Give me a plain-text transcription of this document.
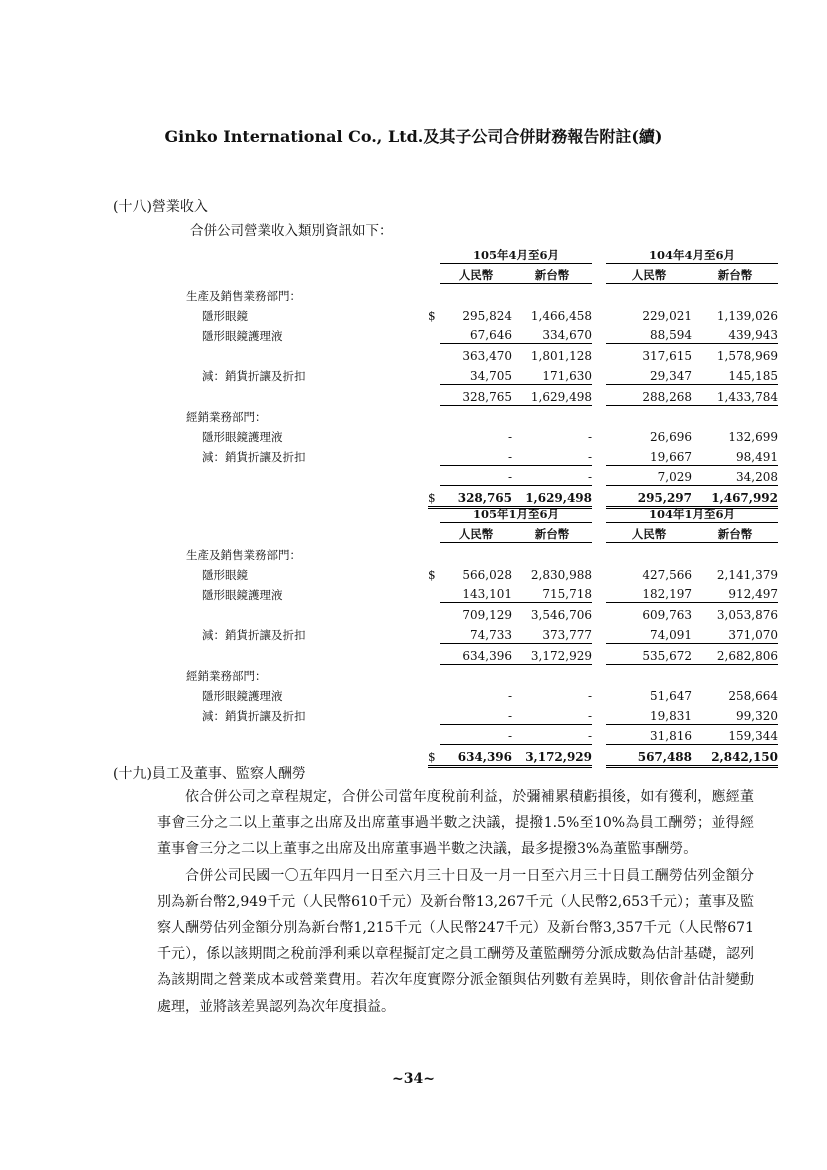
Ginko International Co., Ltd.及其子公司合併財務報告附註(續)
(十八)營業收入
合併公司營業收入類別資訊如下：
		105年4月至6月			104年4月至6月	
		人民幣	新台幣		人民幣	新台幣
生產及銷售業務部門：						
隱形眼鏡	$	295,824	1,466,458		229,021	1,139,026
隱形眼鏡護理液		67,646	334,670		88,594	439,943
		363,470	1,801,128		317,615	1,578,969
減：銷貨折讓及折扣		34,705	171,630		29,347	145,185
		328,765	1,629,498		288,268	1,433,784
經銷業務部門：						
隱形眼鏡護理液		-	-		26,696	132,699
減：銷貨折讓及折扣		-	-		19,667	98,491
		-	-		7,029	34,208
	$	328,765	1,629,498		295,297	1,467,992
		105年1月至6月			104年1月至6月	
		人民幣	新台幣		人民幣	新台幣
生產及銷售業務部門：						
隱形眼鏡	$	566,028	2,830,988		427,566	2,141,379
隱形眼鏡護理液		143,101	715,718		182,197	912,497
		709,129	3,546,706		609,763	3,053,876
減：銷貨折讓及折扣		74,733	373,777		74,091	371,070
		634,396	3,172,929		535,672	2,682,806
經銷業務部門：						
隱形眼鏡護理液		-	-		51,647	258,664
減：銷貨折讓及折扣		-	-		19,831	99,320
		-	-		31,816	159,344
	$	634,396	3,172,929		567,488	2,842,150
(十九)員工及董事、監察人酬勞

依合併公司之章程規定，合併公司當年度稅前利益，於彌補累積虧損後，如有獲利，應經董事會三分之二以上董事之出席及出席董事過半數之決議，提撥1.5%至10%為員工酬勞；並得經董事會三分之二以上董事之出席及出席董事過半數之決議，最多提撥3%為董監事酬勞。

合併公司民國一〇五年四月一日至六月三十日及一月一日至六月三十日員工酬勞估列金額分別為新台幣2,949千元（人民幣610千元）及新台幣13,267千元（人民幣2,653千元）；董事及監察人酬勞估列金額分別為新台幣1,215千元（人民幣247千元）及新台幣3,357千元（人民幣671千元），係以該期間之稅前淨利乘以章程擬訂定之員工酬勞及董監酬勞分派成數為估計基礎，認列為該期間之營業成本或營業費用。若次年度實際分派金額與估列數有差異時，則依會計估計變動處理，並將該差異認列為次年度損益。

~34~
